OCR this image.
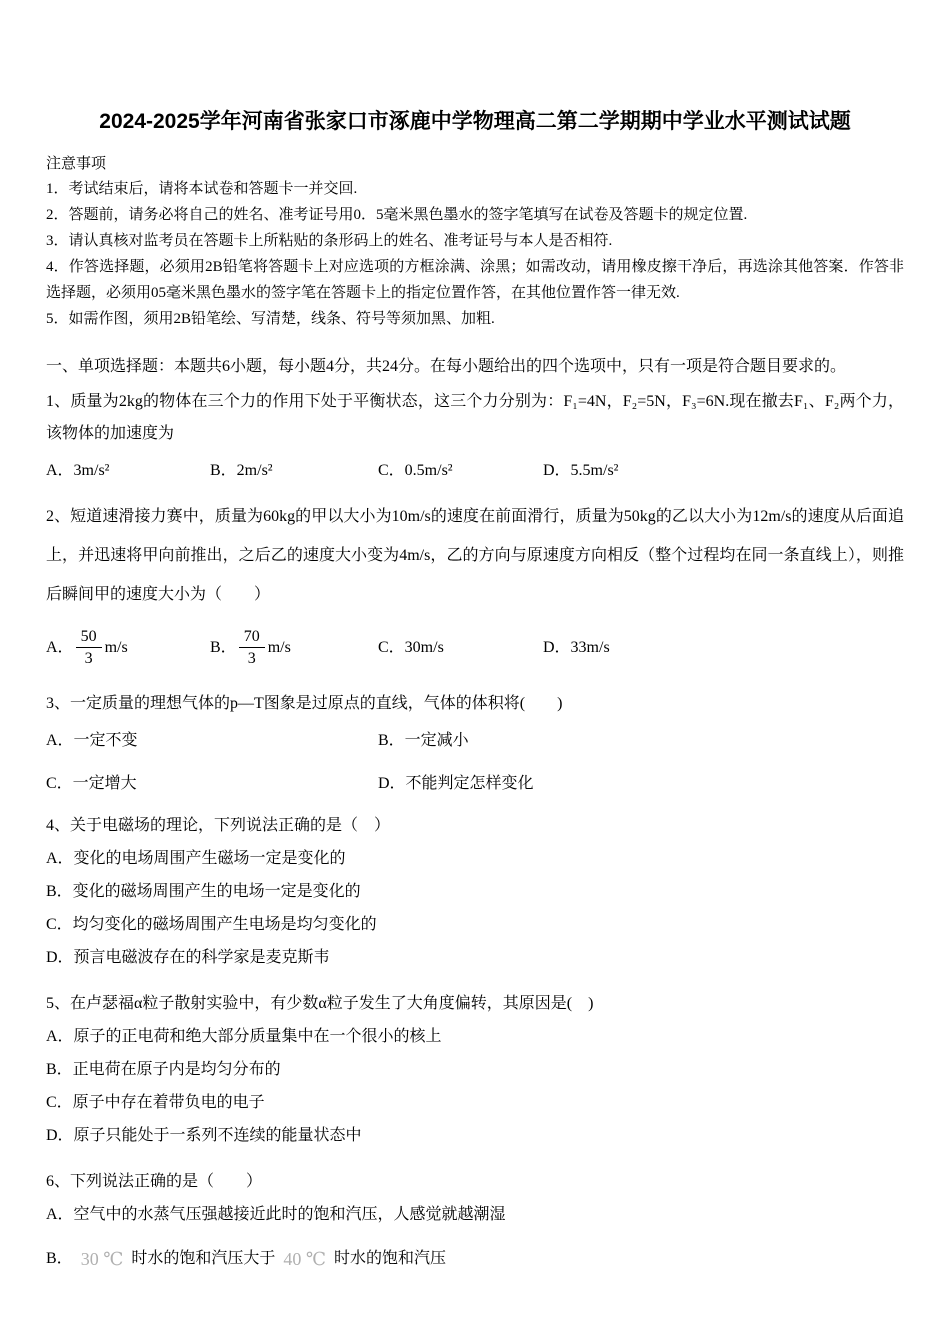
2024-2025学年河南省张家口市涿鹿中学物理高二第二学期期中学业水平测试试题
注意事项

1．考试结束后，请将本试卷和答题卡一并交回.

2．答题前，请务必将自己的姓名、准考证号用0．5毫米黑色墨水的签字笔填写在试卷及答题卡的规定位置.

3．请认真核对监考员在答题卡上所粘贴的条形码上的姓名、准考证号与本人是否相符.

4．作答选择题，必须用2B铅笔将答题卡上对应选项的方框涂满、涂黑；如需改动，请用橡皮擦干净后，再选涂其他答案．作答非选择题，必须用05毫米黑色墨水的签字笔在答题卡上的指定位置作答，在其他位置作答一律无效.

5．如需作图，须用2B铅笔绘、写清楚，线条、符号等须加黑、加粗.

一、单项选择题：本题共6小题，每小题4分，共24分。在每小题给出的四个选项中，只有一项是符合题目要求的。

1、质量为2kg的物体在三个力的作用下处于平衡状态，这三个力分别为：F₁=4N，F₂=5N，F₃=6N.现在撤去F₁、F₂两个力，该物体的加速度为

A．3m/s²	B．2m/s²	C．0.5m/s²	D．5.5m/s²

2、短道速滑接力赛中，质量为60kg的甲以大小为10m/s的速度在前面滑行，质量为50kg的乙以大小为12m/s的速度从后面追上，并迅速将甲向前推出，之后乙的速度大小变为4m/s，乙的方向与原速度方向相反（整个过程均在同一条直线上），则推后瞬间甲的速度大小为（　　）

A． $\frac{50}{3} m/s$	B． $\frac{70}{3} m/s$	C．30m/s	D．33m/s

3、一定质量的理想气体的p—T图象是过原点的直线，气体的体积将(　　)

A．一定不变	B．一定减小
C．一定增大	D．不能判定怎样变化

4、关于电磁场的理论，下列说法正确的是（　）

A．变化的电场周围产生磁场一定是变化的

B．变化的磁场周围产生的电场一定是变化的

C．均匀变化的磁场周围产生电场是均匀变化的

D．预言电磁波存在的科学家是麦克斯韦

5、在卢瑟福α粒子散射实验中，有少数α粒子发生了大角度偏转，其原因是(　)

A．原子的正电荷和绝大部分质量集中在一个很小的核上

B．正电荷在原子内是均匀分布的

C．原子中存在着带负电的电子

D．原子只能处于一系列不连续的能量状态中

6、下列说法正确的是（　　）

A．空气中的水蒸气压强越接近此时的饱和汽压，人感觉就越潮湿

B． 30 ℃ 时水的饱和汽压大于 40 ℃ 时水的饱和汽压
